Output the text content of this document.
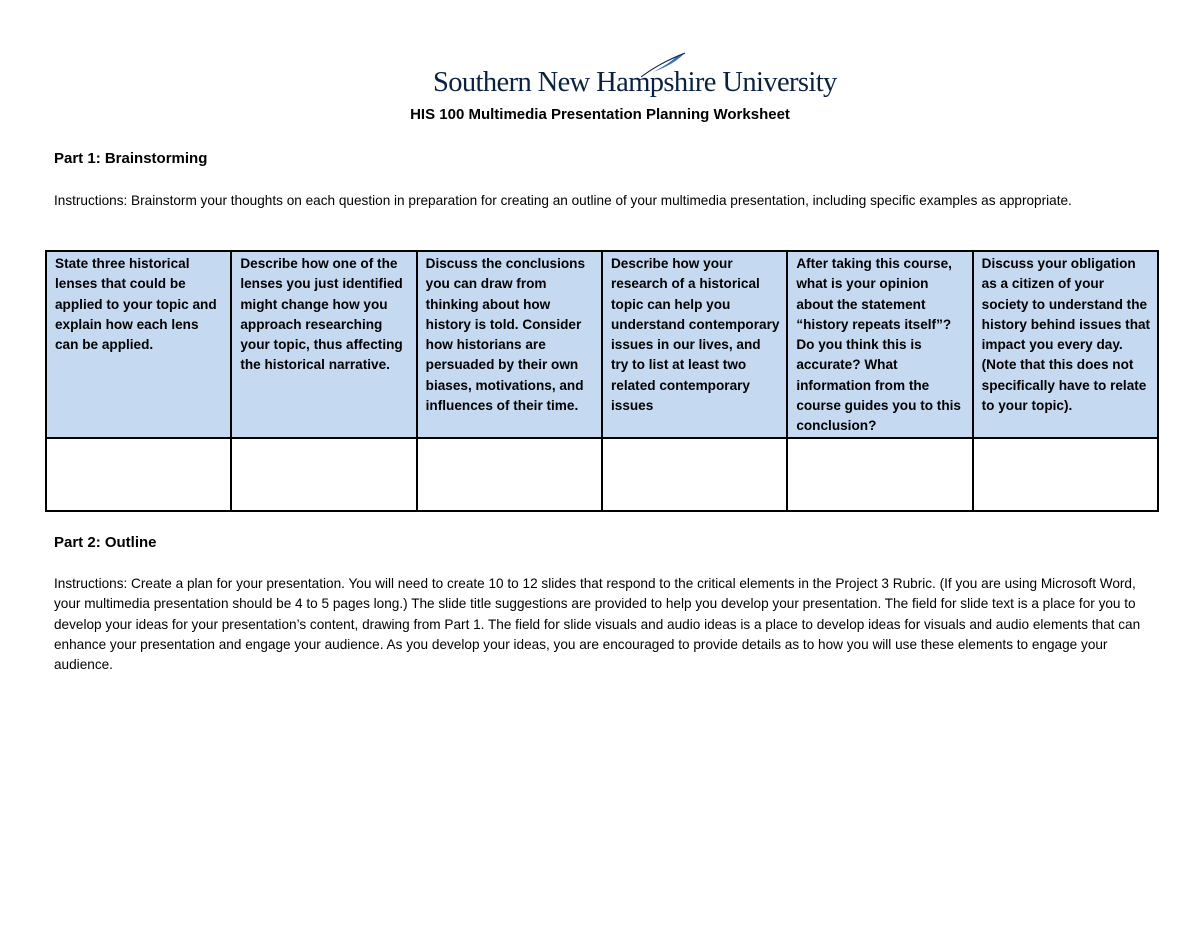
Southern New Hampshire University
HIS 100 Multimedia Presentation Planning Worksheet
Part 1: Brainstorming
Instructions: Brainstorm your thoughts on each question in preparation for creating an outline of your multimedia presentation, including specific examples as appropriate.
State three historical lenses that could be applied to your topic and explain how each lens can be applied.	Describe how one of the lenses you just identified might change how you approach researching your topic, thus affecting the historical narrative.	Discuss the conclusions you can draw from thinking about how history is told. Consider how historians are persuaded by their own biases, motivations, and influences of their time.	Describe how your research of a historical topic can help you understand contemporary issues in our lives, and try to list at least two related contemporary issues	After taking this course, what is your opinion about the statement “history repeats itself”? Do you think this is accurate? What information from the course guides you to this conclusion?	Discuss your obligation as a citizen of your society to understand the history behind issues that impact you every day. (Note that this does not specifically have to relate to your topic).

Part 2: Outline
Instructions: Create a plan for your presentation. You will need to create 10 to 12 slides that respond to the critical elements in the Project 3 Rubric. (If you are using Microsoft Word, your multimedia presentation should be 4 to 5 pages long.) The slide title suggestions are provided to help you develop your presentation. The field for slide text is a place for you to develop your ideas for your presentation’s content, drawing from Part 1. The field for slide visuals and audio ideas is a place to develop ideas for visuals and audio elements that can enhance your presentation and engage your audience. As you develop your ideas, you are encouraged to provide details as to how you will use these elements to engage your audience.
